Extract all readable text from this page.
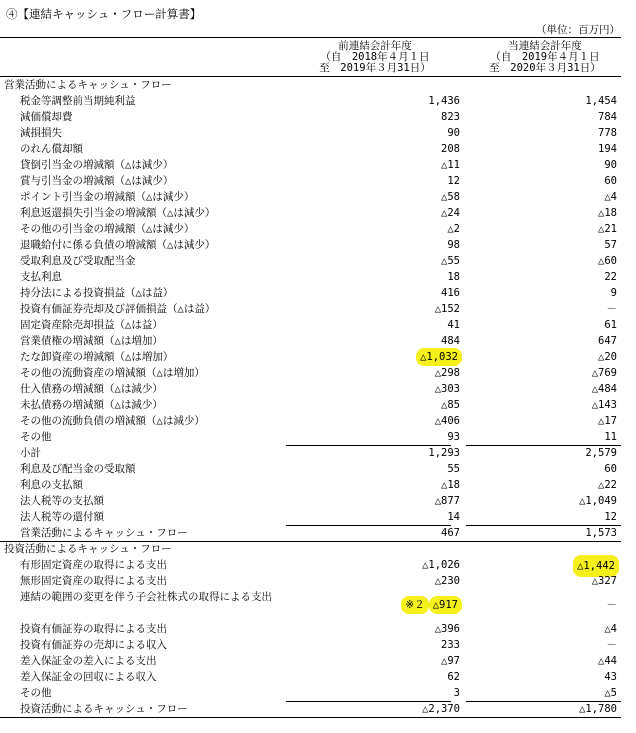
④【連結キャッシュ・フロー計算書】
（単位：百万円）
前連結会計年度
（自　2018年４月１日
至　2019年３月31日）
当連結会計年度
（自　2019年４月１日
至　2020年３月31日）
営業活動によるキャッシュ・フロー
税金等調整前当期純利益	1,436	1,454
減価償却費	823	784
減損損失	90	778
のれん償却額	208	194
貸倒引当金の増減額（△は減少）	△11	90
賞与引当金の増減額（△は減少）	12	60
ポイント引当金の増減額（△は減少）	△58	△4
利息返還損失引当金の増減額（△は減少）	△24	△18
その他の引当金の増減額（△は減少）	△2	△21
退職給付に係る負債の増減額（△は減少）	98	57
受取利息及び受取配当金	△55	△60
支払利息	18	22
持分法による投資損益（△は益）	416	9
投資有価証券売却及び評価損益（△は益）	△152	－
固定資産除売却損益（△は益）	41	61
営業債権の増減額（△は増加）	484	647
たな卸資産の増減額（△は増加）	△1,032	△20
その他の流動資産の増減額（△は増加）	△298	△769
仕入債務の増減額（△は減少）	△303	△484
未払債務の増減額（△は減少）	△85	△143
その他の流動負債の増減額（△は減少）	△406	△17
その他	93	11
小計	1,293	2,579
利息及び配当金の受取額	55	60
利息の支払額	△18	△22
法人税等の支払額	△877	△1,049
法人税等の還付額	14	12
営業活動によるキャッシュ・フロー	467	1,573
投資活動によるキャッシュ・フロー
有形固定資産の取得による支出	△1,026	△1,442
無形固定資産の取得による支出	△230	△327
連結の範囲の変更を伴う子会社株式の取得による支出
※２ △917	－
投資有価証券の取得による支出	△396	△4
投資有価証券の売却による収入	233	－
差入保証金の差入による支出	△97	△44
差入保証金の回収による収入	62	43
その他	3	△5
投資活動によるキャッシュ・フロー	△2,370	△1,780
